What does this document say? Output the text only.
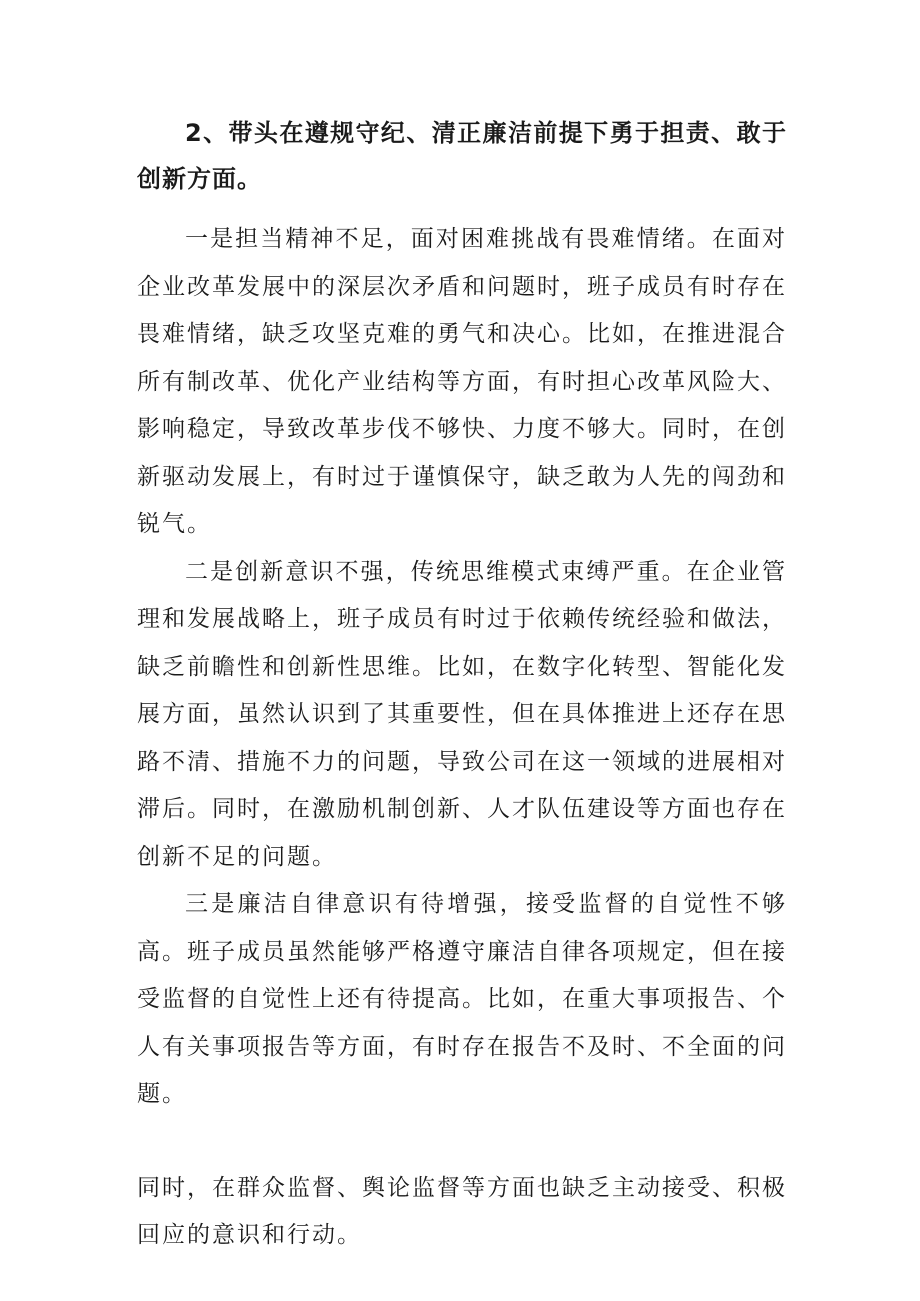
2、带头在遵规守纪、清正廉洁前提下勇于担责、敢于创新方面。

一是担当精神不足，面对困难挑战有畏难情绪。在面对企业改革发展中的深层次矛盾和问题时，班子成员有时存在畏难情绪，缺乏攻坚克难的勇气和决心。比如，在推进混合所有制改革、优化产业结构等方面，有时担心改革风险大、影响稳定，导致改革步伐不够快、力度不够大。同时，在创新驱动发展上，有时过于谨慎保守，缺乏敢为人先的闯劲和锐气。

二是创新意识不强，传统思维模式束缚严重。在企业管理和发展战略上，班子成员有时过于依赖传统经验和做法，缺乏前瞻性和创新性思维。比如，在数字化转型、智能化发展方面，虽然认识到了其重要性，但在具体推进上还存在思路不清、措施不力的问题，导致公司在这一领域的进展相对滞后。同时，在激励机制创新、人才队伍建设等方面也存在创新不足的问题。

三是廉洁自律意识有待增强，接受监督的自觉性不够高。班子成员虽然能够严格遵守廉洁自律各项规定，但在接受监督的自觉性上还有待提高。比如，在重大事项报告、个人有关事项报告等方面，有时存在报告不及时、不全面的问题。

同时，在群众监督、舆论监督等方面也缺乏主动接受、积极回应的意识和行动。
